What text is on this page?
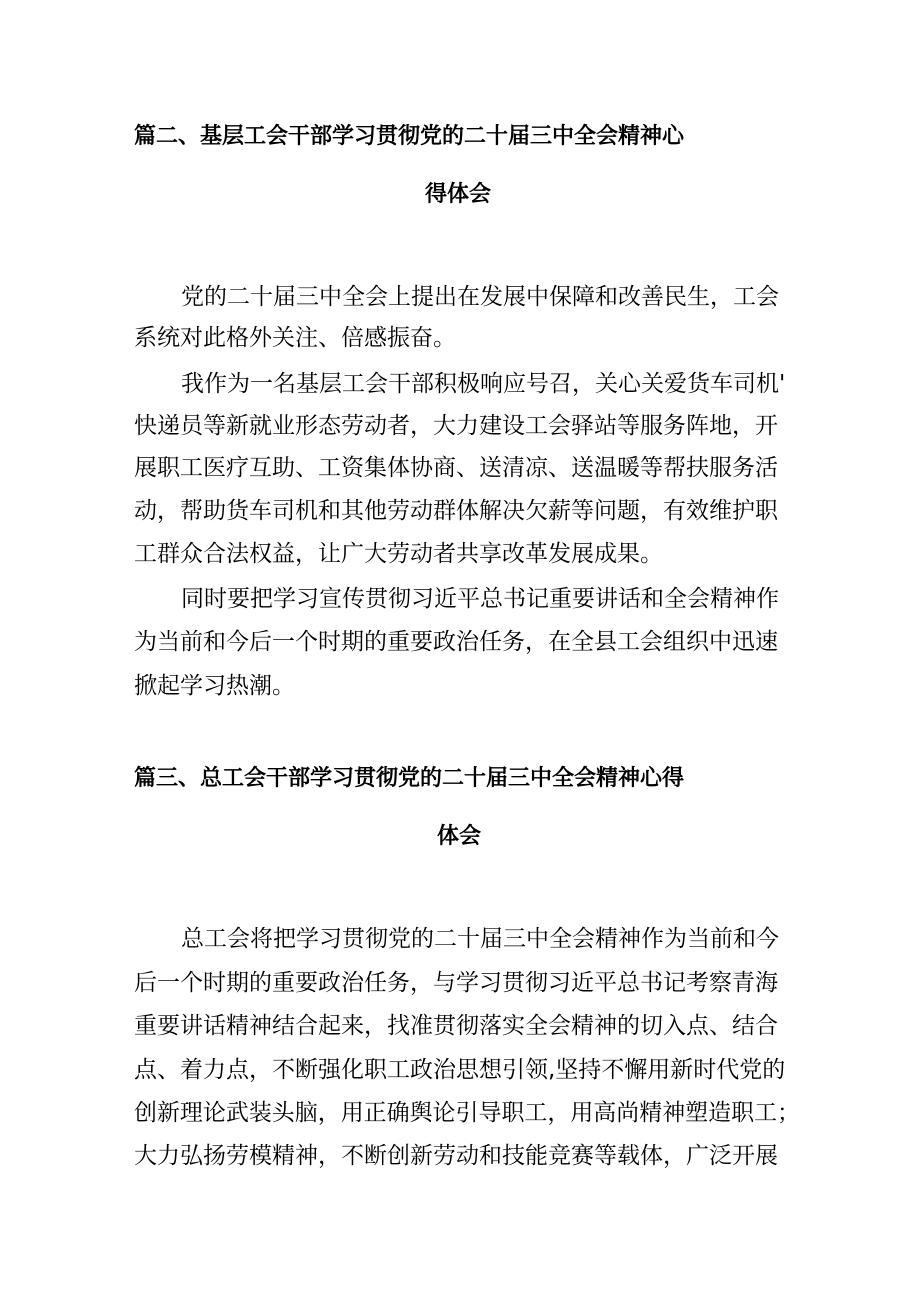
篇二、基层工会干部学习贯彻党的二十届三中全会精神心
得体会
党的二十届三中全会上提出在发展中保障和改善民生，工会
系统对此格外关注、倍感振奋。
我作为一名基层工会干部积极响应号召，关心关爱货车司机'
快递员等新就业形态劳动者，大力建设工会驿站等服务阵地，开
展职工医疗互助、工资集体协商、送清凉、送温暖等帮扶服务活
动，帮助货车司机和其他劳动群体解决欠薪等问题，有效维护职
工群众合法权益，让广大劳动者共享改革发展成果。
同时要把学习宣传贯彻习近平总书记重要讲话和全会精神作
为当前和今后一个时期的重要政治任务，在全县工会组织中迅速
掀起学习热潮。
篇三、总工会干部学习贯彻党的二十届三中全会精神心得
体会
总工会将把学习贯彻党的二十届三中全会精神作为当前和今
后一个时期的重要政治任务，与学习贯彻习近平总书记考察青海
重要讲话精神结合起来，找准贯彻落实全会精神的切入点、结合
点、着力点，不断强化职工政治思想引领,坚持不懈用新时代党的
创新理论武装头脑，用正确舆论引导职工，用高尚精神塑造职工；
大力弘扬劳模精神，不断创新劳动和技能竞赛等载体，广泛开展
